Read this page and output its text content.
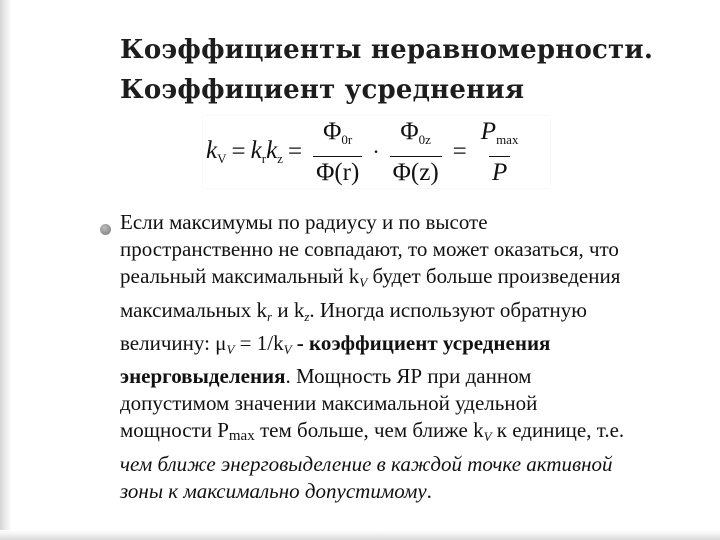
Коэффициенты неравномерности.
Коэффициент усреднения
$k_V = k_rk_z = \frac{\Phi_{0r}}{\Phi(r)} \cdot \frac{\Phi_{0z}}{\Phi(z)} = \frac{P_{max}}{P}$
Если максимумы по радиусу и по высоте
пространственно не совпадают, то может оказаться, что
реальный максимальный kV будет больше произведения
максимальных kr и kz. Иногда используют обратную
величину: μV = 1/kV - коэффициент усреднения
энерговыделения. Мощность ЯР при данном
допустимом значении максимальной удельной
мощности Pmax тем больше, чем ближе kV к единице, т.е.
чем ближе энерговыделение в каждой точке активной
зоны к максимально допустимому.
